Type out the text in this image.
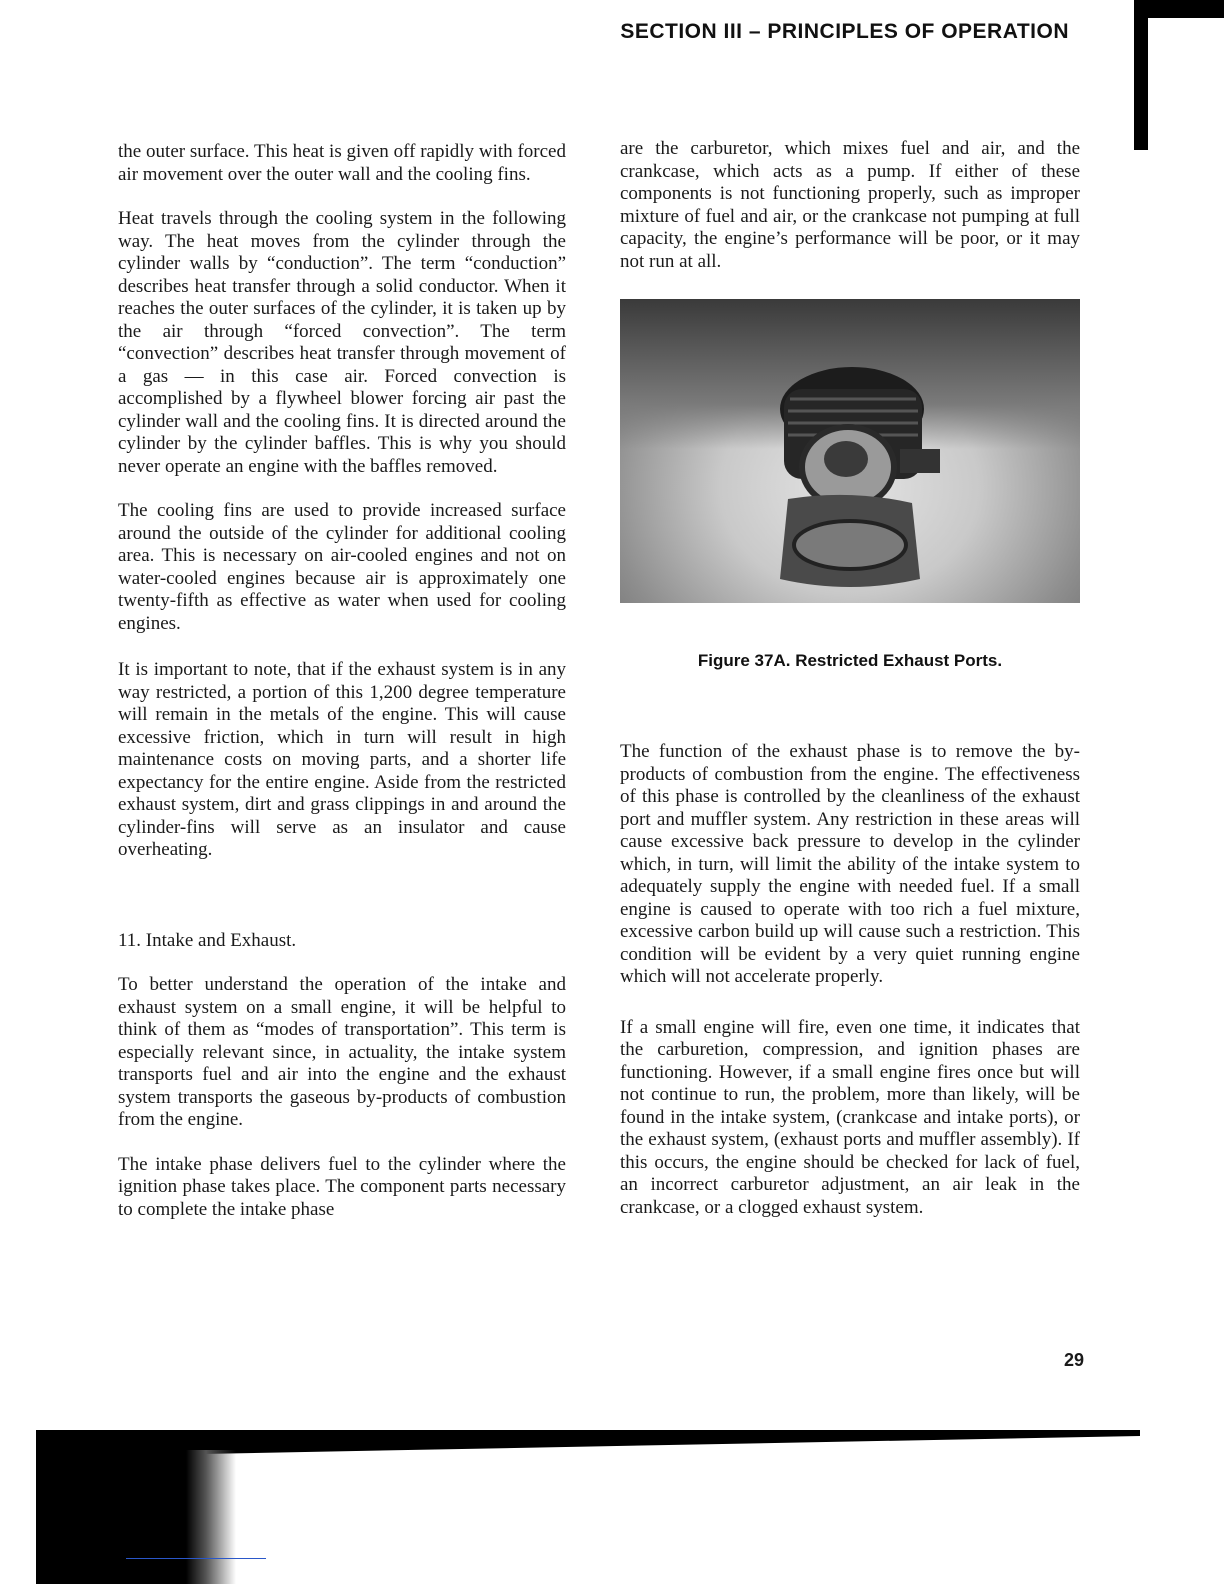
SECTION III – PRINCIPLES OF OPERATION

the outer surface. This heat is given off rapidly with forced air movement over the outer wall and the cooling fins.

Heat travels through the cooling system in the following way. The heat moves from the cylinder through the cylinder walls by “conduction”. The term “conduction” describes heat transfer through a solid conductor. When it reaches the outer surfaces of the cylinder, it is taken up by the air through “forced convection”. The term “convection” describes heat transfer through movement of a gas — in this case air. Forced convection is accomplished by a flywheel blower forcing air past the cylinder wall and the cooling fins. It is directed around the cylinder by the cylinder baffles. This is why you should never operate an engine with the baffles removed.

The cooling fins are used to provide increased surface around the outside of the cylinder for additional cooling area. This is necessary on air-cooled engines and not on water-cooled engines because air is approximately one twenty-fifth as effective as water when used for cooling engines.

It is important to note, that if the exhaust system is in any way restricted, a portion of this 1,200 degree temperature will remain in the metals of the engine. This will cause excessive friction, which in turn will result in high maintenance costs on moving parts, and a shorter life expectancy for the entire engine. Aside from the restricted exhaust system, dirt and grass clippings in and around the cylinder-fins will serve as an insulator and cause overheating.

11. Intake and Exhaust.

To better understand the operation of the intake and exhaust system on a small engine, it will be helpful to think of them as “modes of transportation”. This term is especially relevant since, in actuality, the intake system transports fuel and air into the engine and the exhaust system transports the gaseous by-products of combustion from the engine.

The intake phase delivers fuel to the cylinder where the ignition phase takes place. The component parts necessary to complete the intake phase

are the carburetor, which mixes fuel and air, and the crankcase, which acts as a pump. If either of these components is not functioning properly, such as improper mixture of fuel and air, or the crankcase not pumping at full capacity, the engine’s performance will be poor, or it may not run at all.

Figure 37A. Restricted Exhaust Ports.

The function of the exhaust phase is to remove the by-products of combustion from the engine. The effectiveness of this phase is controlled by the cleanliness of the exhaust port and muffler system. Any restriction in these areas will cause excessive back pressure to develop in the cylinder which, in turn, will limit the ability of the intake system to adequately supply the engine with needed fuel. If a small engine is caused to operate with too rich a fuel mixture, excessive carbon build up will cause such a restriction. This condition will be evident by a very quiet running engine which will not accelerate properly.

If a small engine will fire, even one time, it indicates that the carburetion, compression, and ignition phases are functioning. However, if a small engine fires once but will not continue to run, the problem, more than likely, will be found in the intake system, (crankcase and intake ports), or the exhaust system, (exhaust ports and muffler assembly). If this occurs, the engine should be checked for lack of fuel, an incorrect carburetor adjustment, an air leak in the crankcase, or a clogged exhaust system.

29
